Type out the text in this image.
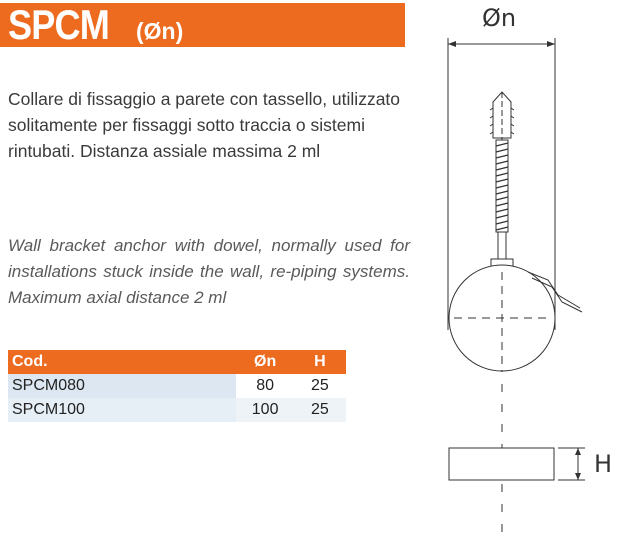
SPCM (Øn)
Collare di fissaggio a parete con tassello, utilizzato solitamente per fissaggi sotto traccia o sistemi rintubati. Distanza assiale massima 2 ml
Wall bracket anchor with dowel, normally used for installations stuck inside the wall, re-piping systems. Maximum axial distance 2 ml
Cod.	Øn	H
SPCM080	80	25
SPCM100	100	25
Øn
H
